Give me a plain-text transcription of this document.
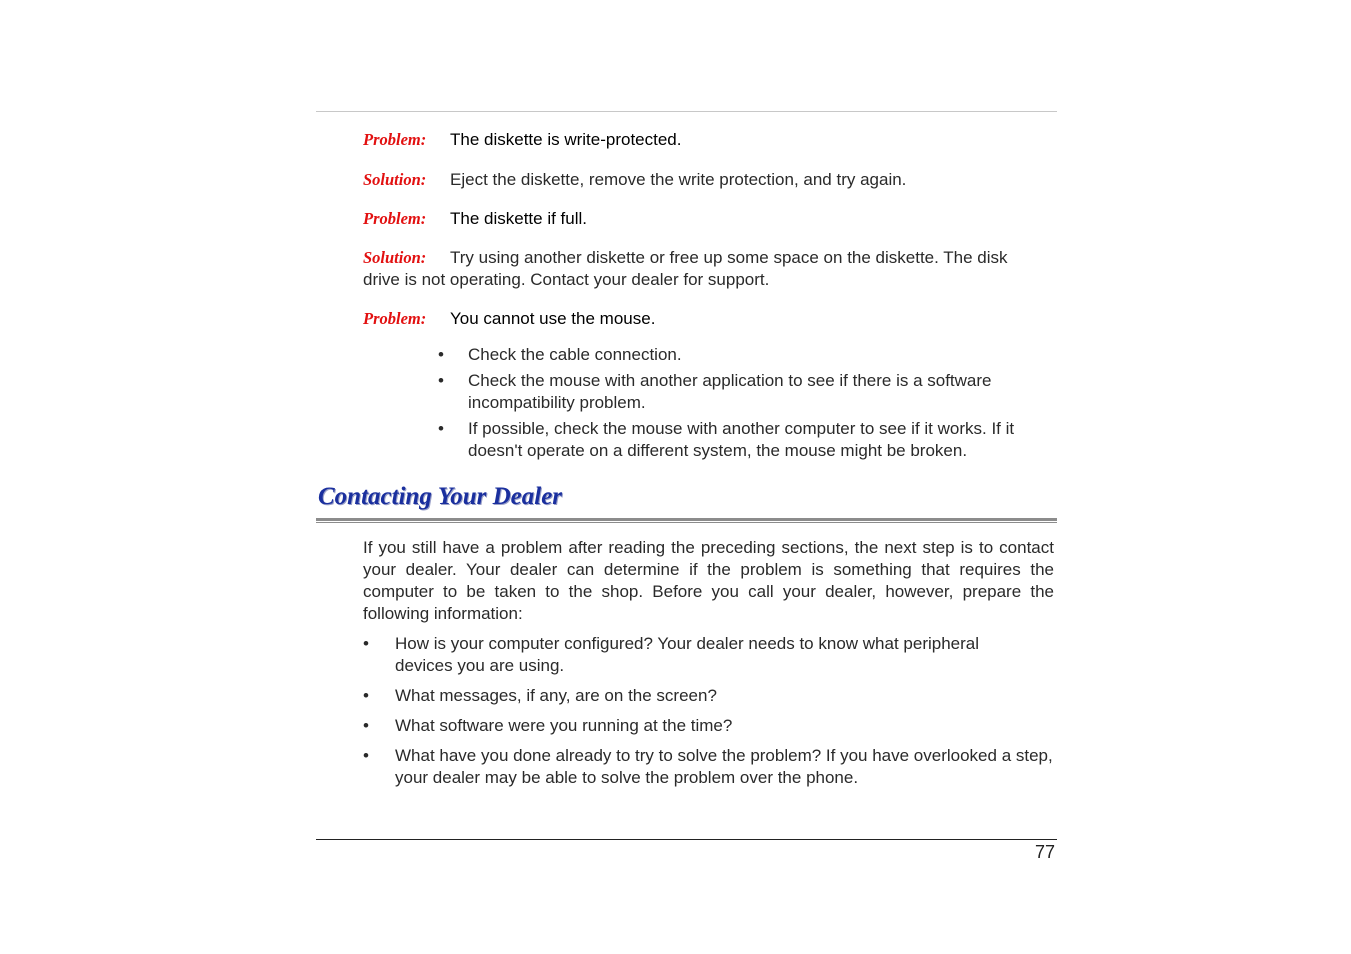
Problem: The diskette is write-protected.
Solution: Eject the diskette, remove the write protection, and try again.
Problem: The diskette if full.
Solution: Try using another diskette or free up some space on the diskette. The disk
drive is not operating. Contact your dealer for support.
Problem: You cannot use the mouse.
• Check the cable connection.
• Check the mouse with another application to see if there is a software incompatibility problem.
• If possible, check the mouse with another computer to see if it works. If it doesn't operate on a different system, the mouse might be broken.
Contacting Your Dealer
If you still have a problem after reading the preceding sections, the next step is to contact your dealer. Your dealer can determine if the problem is something that requires the computer to be taken to the shop. Before you call your dealer, however, prepare the following information:
• How is your computer configured? Your dealer needs to know what peripheral devices you are using.
• What messages, if any, are on the screen?
• What software were you running at the time?
• What have you done already to try to solve the problem? If you have overlooked a step, your dealer may be able to solve the problem over the phone.
77
